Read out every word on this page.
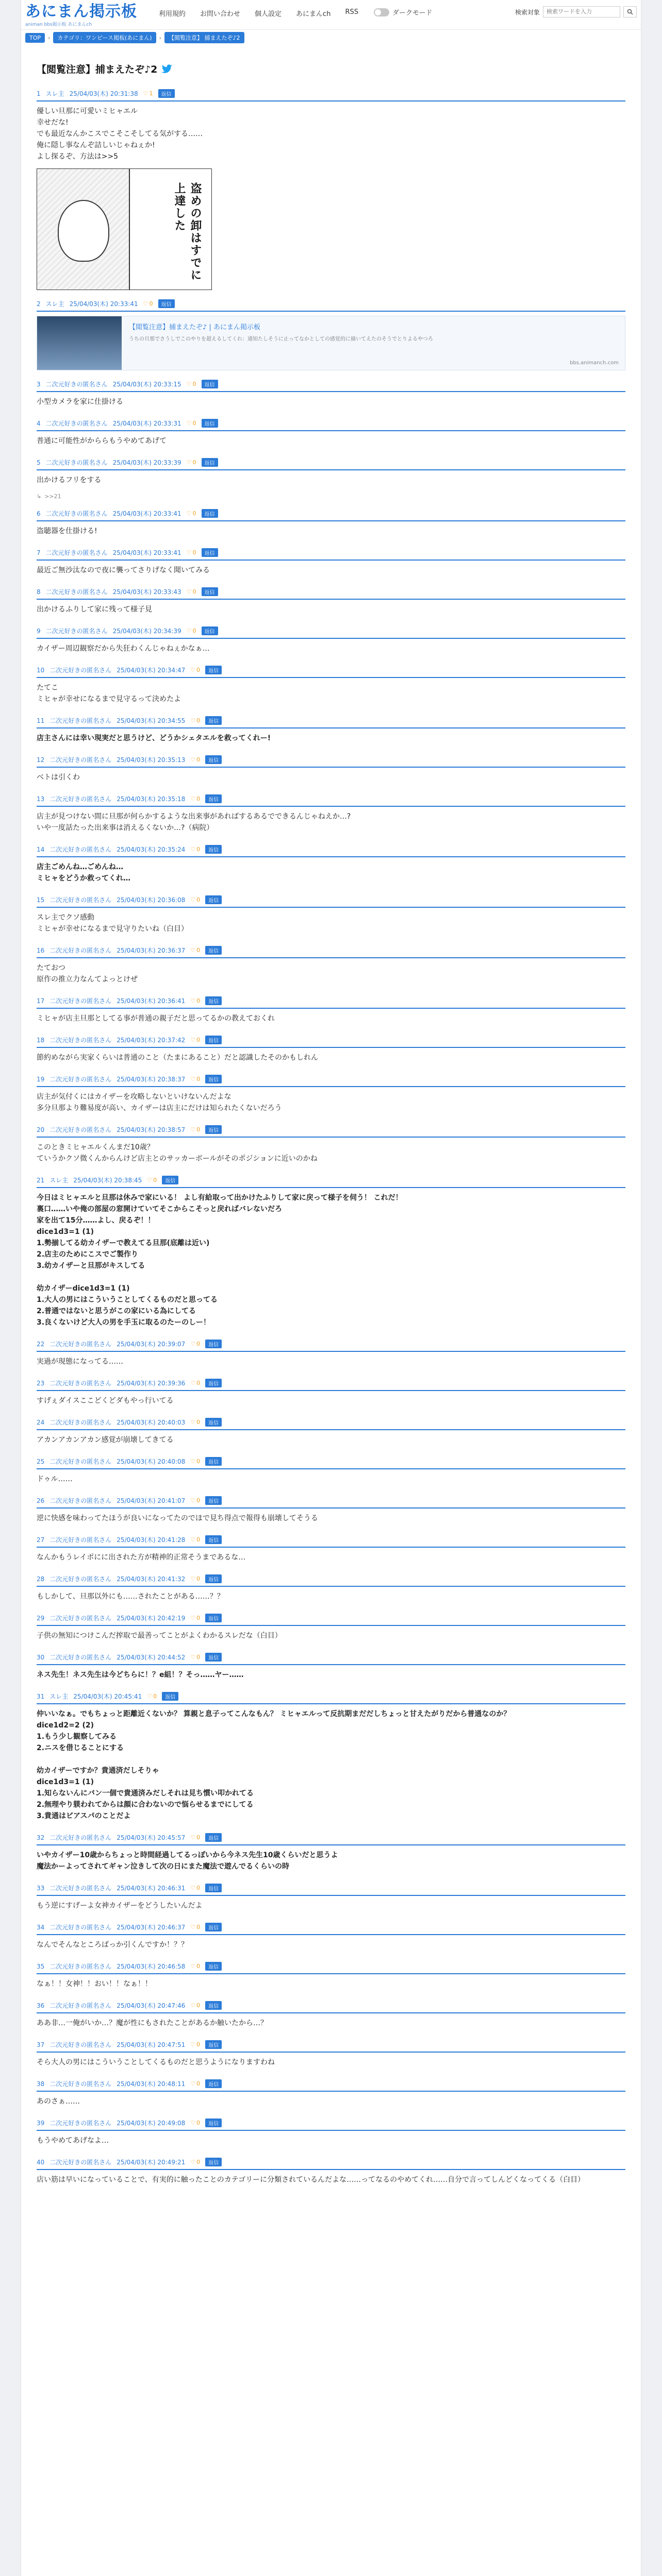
あにまん掲示板
animan bbs掲示板 あにまんch
利用規約 お問い合わせ 個人設定 あにまんch RSS	ダークモード	検索対象
検索ワードを入力
TOP	›	カテゴリ：ワンピース掲板(あにまん)	›	【閲覧注意】 捕まえたぞ♪2
【閲覧注意】捕まえたぞ♪2
1 スレ主 25/04/03(木) 20:31:38 ♡ 1	返信
優しい旦那に可愛いミヒャエル
幸せだな!
でも最近なんかこスでこそこそしてる気がする……
俺に隠し事なんぞ詰しいじゃねぇか!
よし探るぞ、方法は>>5
盗めの卸はすでに上達した
2 スレ主 25/04/03(木) 20:33:41 ♡ 0	返信
【閲覧注意】捕まえたぞ♪ | あにまん掲示板
うちの旦那でさうしでこのやりを超えるしてくれ：通知たしそうに止ってなかとしての感覚的に描いてえたのそうでとりよるやつろ
bbs.animanch.com
3 二次元好きの匿名さん 25/04/03(木) 20:33:15 ♡ 0	返信
小型カメラを家に仕掛ける
4 二次元好きの匿名さん 25/04/03(木) 20:33:31 ♡ 0	返信
普通に可能性がかららもうやめてあげて
5 二次元好きの匿名さん 25/04/03(木) 20:33:39 ♡ 0	返信
出かけるフリをする
↳ >>21
6 二次元好きの匿名さん 25/04/03(木) 20:33:41 ♡ 0	返信
盗聴器を仕掛ける!
7 二次元好きの匿名さん 25/04/03(木) 20:33:41 ♡ 0	返信
最近ご無沙汰なので夜に襲ってさりげなく聞いてみる
8 二次元好きの匿名さん 25/04/03(木) 20:33:43 ♡ 0	返信
出かけるふりして家に残って様子見
9 二次元好きの匿名さん 25/04/03(木) 20:34:39 ♡ 0	返信
カイザー周辺観察だから失狂わくんじゃねぇかなぁ…
10 二次元好きの匿名さん 25/04/03(木) 20:34:47 ♡ 0	返信
たてこ
ミヒャが幸せになるまで見守るって決めたよ
11 二次元好きの匿名さん 25/04/03(木) 20:34:55 ♡ 0	返信
店主さんには幸い現実だと思うけど、どうかシェタエルを救ってくれー!
12 二次元好きの匿名さん 25/04/03(木) 20:35:13 ♡ 0	返信
ベトは引くわ
13 二次元好きの匿名さん 25/04/03(木) 20:35:18 ♡ 0	返信
店主が見つけない間に旦那が何らかするような出来事があればするあるでできるんじゃねえか…?
いや一度話たった出来事は消えるくないか…?（病院）
14 二次元好きの匿名さん 25/04/03(木) 20:35:24 ♡ 0	返信
店主ごめんね…ごめんね…
ミヒャをどうか救ってくれ…
15 二次元好きの匿名さん 25/04/03(木) 20:36:08 ♡ 0	返信
スレ主でクソ感動
ミヒャが幸せになるまで見守りたいね（白目）
16 二次元好きの匿名さん 25/04/03(木) 20:36:37 ♡ 0	返信
たておつ
原作の推立力なんてよっとけぜ
17 二次元好きの匿名さん 25/04/03(木) 20:36:41 ♡ 0	返信
ミヒャが店主旦那としてる事が普通の親子だと思ってるかの教えておくれ
18 二次元好きの匿名さん 25/04/03(木) 20:37:42 ♡ 0	返信
節約めながら実家くらいは普通のこと（たまにあること）だと認識したそのかもしれん
19 二次元好きの匿名さん 25/04/03(木) 20:38:37 ♡ 0	返信
店主が気付くにはカイザーを攻略しないといけないんだよな
多分旦那より難易度が高い、カイザーは店主にだけは知られたくないだろう
20 二次元好きの匿名さん 25/04/03(木) 20:38:57 ♡ 0	返信
このときミヒャエルくんまだ10歳？
ていうかクソ微くんからんけど店主とのサッカーボールがそのポジションに近いのかね
21 スレ主 25/04/03(木) 20:38:45 ♡ 0	返信
今日はミヒャエルと旦那は休みで家にいる！ よし有給取って出かけたふりして家に戻って様子を伺う！ これだ！
裏口……いや俺の部屋の窓開けていてそこからこそっと戻ればバレないだろ
家を出て15分……よし、戻るぞ！！
dice1d3=1 (1)
1.勢揃してる幼カイザーで教えてる旦那(底離は近い)
2.店主のためにこスでご製作り
3.幼カイザーと旦那がキスしてる

幼カイザーdice1d3=1 (1)
1.大人の男にはこういうことしてくるものだと思ってる
2.普通ではないと思うがこの家にいる為にしてる
3.良くないけど大人の男を手玉に取るのたーのしー！
22 二次元好きの匿名さん 25/04/03(木) 20:39:07 ♡ 0	返信
実過が現態になってる……
23 二次元好きの匿名さん 25/04/03(木) 20:39:36 ♡ 0	返信
すげぇダイスここどくどダもやっ行いてる
24 二次元好きの匿名さん 25/04/03(木) 20:40:03 ♡ 0	返信
アカンアカンアカン感覚が崩壊してきてる
25 二次元好きの匿名さん 25/04/03(木) 20:40:08 ♡ 0	返信
ドゥル……
26 二次元好きの匿名さん 25/04/03(木) 20:41:07 ♡ 0	返信
逆に快感を味わってたほうが良いになってたのでほで見ち得点で報得も崩壊してそうる
27 二次元好きの匿名さん 25/04/03(木) 20:41:28 ♡ 0	返信
なんかもうレイポにに出された方が精神的正常そうまであるな…
28 二次元好きの匿名さん 25/04/03(木) 20:41:32 ♡ 0	返信
もしかして、旦那以外にも……されたことがある……？？
29 二次元好きの匿名さん 25/04/03(木) 20:42:19 ♡ 0	返信
子供の無知につけこんだ搾取で最善ってことがよくわかるスレだな（白目）
30 二次元好きの匿名さん 25/04/03(木) 20:44:52 ♡ 0	返信
ネス先生！ネス先生は今どちらに！？e組！？そっ……ヤー……
31 スレ主 25/04/03(木) 20:45:41 ♡ 0	返信
仲いいなぁ。でもちょっと距離近くないか？ 算親と息子ってこんなもん？ ミヒャエルって反抗期まだだしちょっと甘えたがりだから普通なのか？
dice1d2=2 (2)
1.もう少し観察してみる
2.ニスを借じることにする

幼カイザーですか？貴通済だしそりゃ
dice1d3=1 (1)
1.知らないんにバン一個で貴通済みだしそれは見ち慣い叩かれてる
2.無理やり躾われてからは顔に合わないので悩らせるまでにしてる
3.貴通はビアスパのことだよ
32 二次元好きの匿名さん 25/04/03(木) 20:45:57 ♡ 0	返信
いやカイザー10歳からちょっと時間経過してるっぽいから今ネス先生10歳くらいだと思うよ
魔法かーよってされてギャン泣きして次の日にまた魔法で遊んでるくらいの時
33 二次元好きの匿名さん 25/04/03(木) 20:46:31 ♡ 0	返信
もう逆にすげーよ女神カイザーをどうしたいんだよ
34 二次元好きの匿名さん 25/04/03(木) 20:46:37 ♡ 0	返信
なんでそんなところばっか引くんですか！？？
35 二次元好きの匿名さん 25/04/03(木) 20:46:58 ♡ 0	返信
なぁ！！女神！！おい！！なぁ！！
36 二次元好きの匿名さん 25/04/03(木) 20:47:46 ♡ 0	返信
ああ非…一俺がいか…？魔が性にもされたことがあるか触いたから…？
37 二次元好きの匿名さん 25/04/03(木) 20:47:51 ♡ 0	返信
そら大人の男にはこういうことしてくるものだと思うようになりますわね
38 二次元好きの匿名さん 25/04/03(木) 20:48:11 ♡ 0	返信
あのさぁ……
39 二次元好きの匿名さん 25/04/03(木) 20:49:08 ♡ 0	返信
もうやめてあげなよ…
40 二次元好きの匿名さん 25/04/03(木) 20:49:21 ♡ 0	返信
店い筋は早いになっていることで、有実的に触ったことのカテゴリーに分類されているんだよな……ってなるのやめてくれ……自分で言ってしんどくなってくる（白目）
